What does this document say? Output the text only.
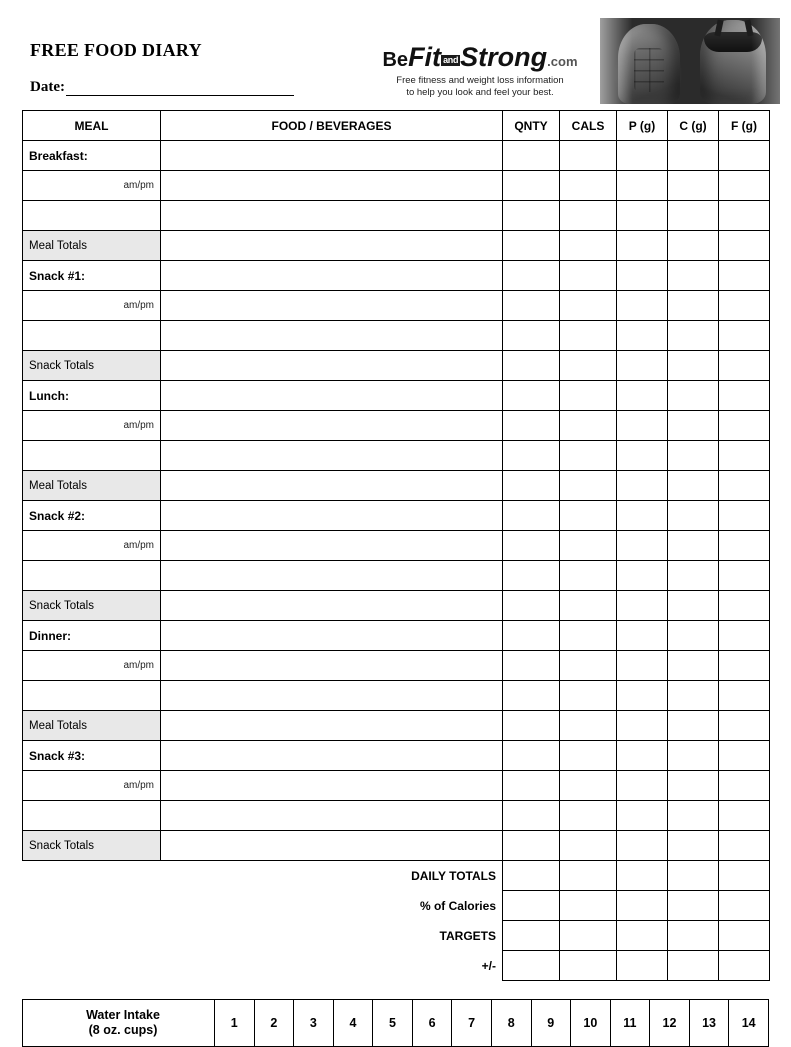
FREE FOOD DIARY
Date:
BeFit andStrong.com
Free fitness and weight loss information
to help you look and feel your best.
MEAL	FOOD / BEVERAGES	QNTY	CALS	P (g)	C (g)	F (g)
Breakfast:						
am/pm						

Meal Totals						
Snack #1:						
am/pm						

Snack Totals						
Lunch:						
am/pm						

Meal Totals						
Snack #2:						
am/pm						

Snack Totals						
Dinner:						
am/pm						

Meal Totals						
Snack #3:						
am/pm						

Snack Totals						
	DAILY TOTALS					
	% of Calories					
	TARGETS					
	+/-					
Water Intake
(8 oz. cups)	1	2	3	4	5	6	7	8	9	10	11	12	13	14
